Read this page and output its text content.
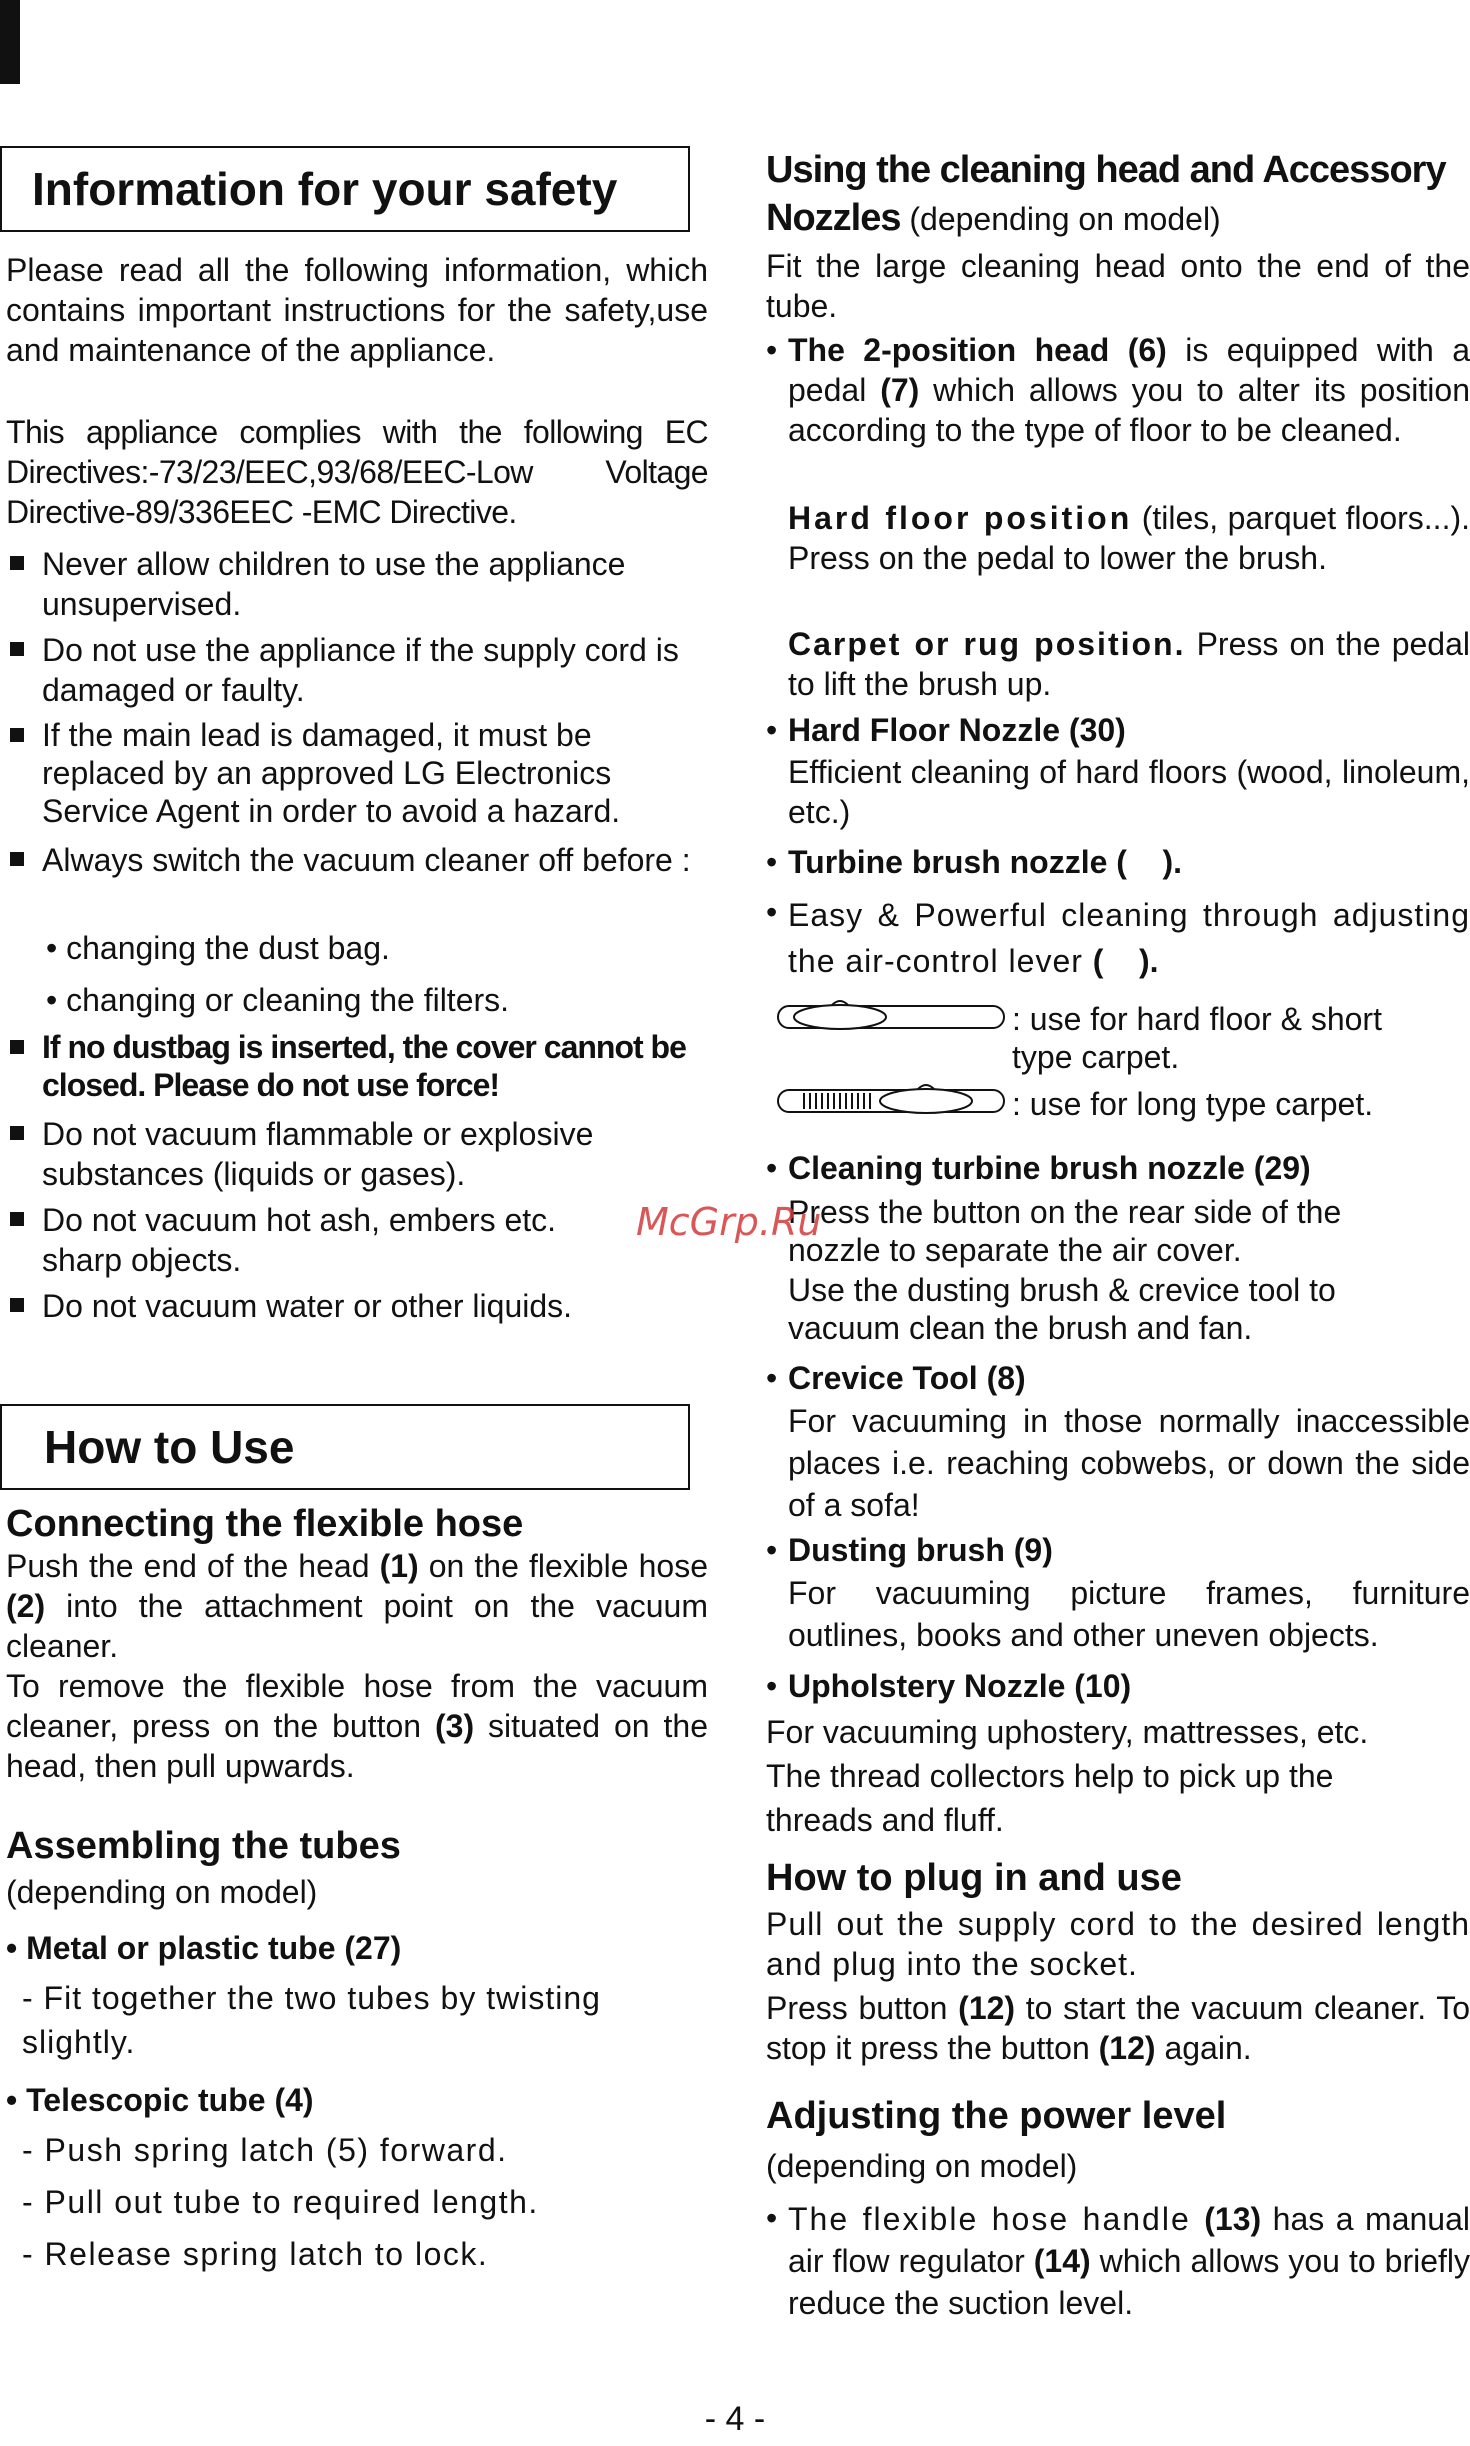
Information for your safety
Please read all the following information, which contains important instructions for the safety,use and maintenance of the appliance.
This appliance complies with the following EC Directives:-73/23/EEC,93/68/EEC-Low Voltage Directive-89/336EEC -EMC Directive.
Never allow children to use the appliance unsupervised.
Do not use the appliance if the supply cord is damaged or faulty.
If the main lead is damaged, it must be replaced by an approved LG Electronics Service Agent in order to avoid a hazard.
Always switch the vacuum cleaner off before :
• changing the dust bag.
• changing or cleaning the filters.
If no dustbag is inserted, the cover cannot be closed. Please do not use force!
Do not vacuum flammable or explosive substances (liquids or gases).
Do not vacuum hot ash, embers etc. sharp objects.
Do not vacuum water or other liquids.
How to Use
Connecting the flexible hose
Push the end of the head (1) on the flexible hose (2) into the attachment point on the vacuum cleaner.
To remove the flexible hose from the vacuum cleaner, press on the button (3) situated on the head, then pull upwards.
Assembling the tubes
(depending on model)
• Metal or plastic tube (27)
- Fit together the two tubes by twisting slightly.
• Telescopic tube (4)
- Push spring latch (5) forward.
- Pull out tube to required length.
- Release spring latch to lock.
Using the cleaning head and Accessory
Nozzles (depending on model)
Fit the large cleaning head onto the end of the tube.
• The 2-position head (6) is equipped with a pedal (7) which allows you to alter its position according to the type of floor to be cleaned.
Hard floor position (tiles, parquet floors...). Press on the pedal to lower the brush.
Carpet or rug position. Press on the pedal to lift the brush up.
• Hard Floor Nozzle (30)
Efficient cleaning of hard floors (wood, linoleum, etc.)
• Turbine brush nozzle (    ).
• Easy & Powerful cleaning through adjusting the air-control lever (    ).
: use for hard floor & short type carpet.
: use for long type carpet.
• Cleaning turbine brush nozzle (29)
Press the button on the rear side of the
nozzle to separate the air cover.
Use the dusting brush & crevice tool to
vacuum clean the brush and fan.
• Crevice Tool (8)
For vacuuming in those normally inaccessible places i.e. reaching cobwebs, or down the side of a sofa!
• Dusting brush (9)
For vacuuming picture frames, furniture outlines, books and other uneven objects.
• Upholstery Nozzle (10)
For vacuuming uphostery, mattresses, etc.
The thread collectors help to pick up the
threads and fluff.
How to plug in and use
Pull out the supply cord to the desired length and plug into the socket.
Press button (12) to start the vacuum cleaner. To stop it press the button (12) again.
Adjusting the power level
(depending on model)
• The flexible hose handle (13) has a manual air flow regulator (14) which allows you to briefly reduce the suction level.
McGrp.Ru
- 4 -
